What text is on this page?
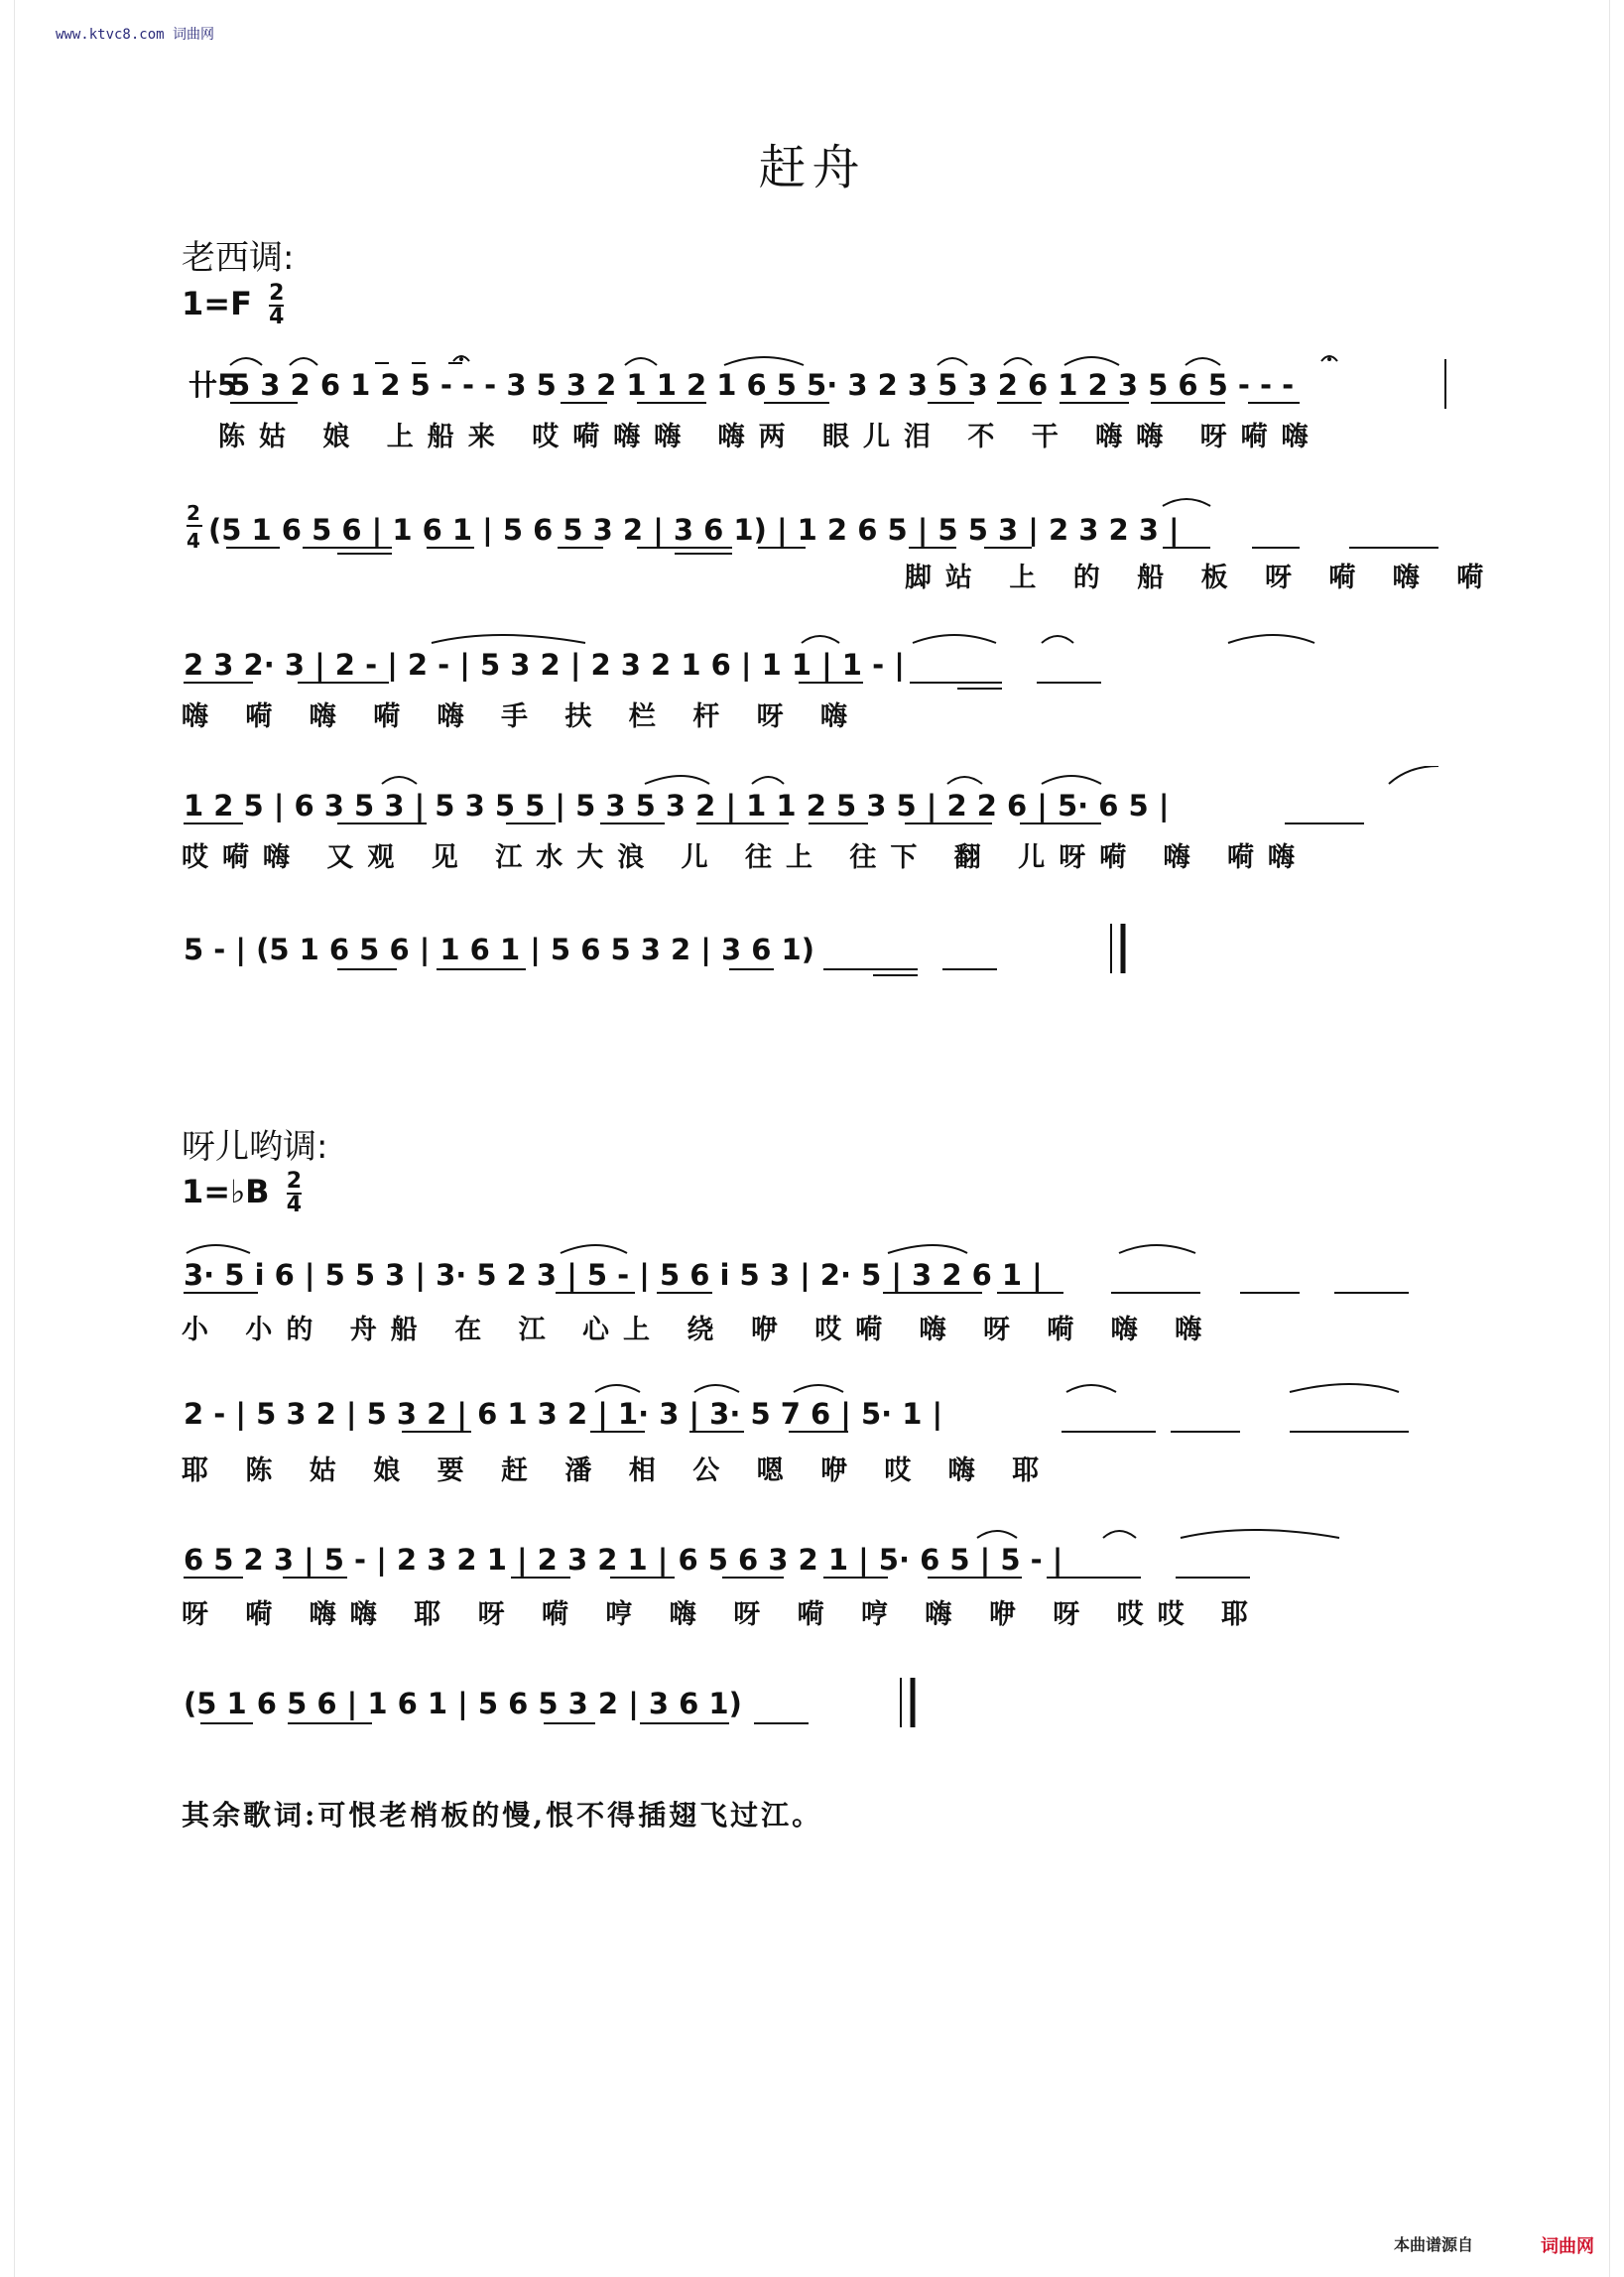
www.ktvc8.com 词曲网
赶舟
老西调:
$1=F \frac{2}{4}$
卄5
5 3 2 6 1 2 5 - - - 3 5 3 2 1 1 2 1 6 5 5· 3 2 3 5 3 2 6 1 2 3 5 6 5 - - -
陈姑 娘 上船来 哎嗬嗨嗨 嗨两 眼儿泪 不 干 嗨嗨 呀嗬嗨
2
4 (5 1 6 5 6 | 1 6 1 | 5 6 5 3 2 | 3 6 1) | 1 2 6 5 | 5 5 3 | 2 3 2 3 |
脚站 上 的 船 板 呀 嗬 嗨 嗬
2 3 2· 3 | 2 - | 2 - | 5 3 2 | 2 3 2 1 6 | 1 1 | 1 - |
嗨 嗬 嗨 嗬 嗨 手 扶 栏 杆 呀 嗨
1 2 5 | 6 3 5 3 | 5 3 5 5 | 5 3 5 3 2 | 1 1 2 5 3 5 | 2 2 6 | 5· 6 5 |
哎嗬嗨 又观 见 江水大浪 儿 往上 往下 翻 儿呀嗬 嗨 嗬嗨
5 - | (5 1 6 5 6 | 1 6 1 | 5 6 5 3 2 | 3 6 1)
呀儿哟调:
1=♭B $\frac{2}{4}$
3· 5 i 6 | 5 5 3 | 3· 5 2 3 | 5 - | 5 6 i 5 3 | 2· 5 | 3 2 6 1 |
小 小的 舟船 在 江 心上 绕 咿 哎嗬 嗨 呀 嗬 嗨 嗨
2 - | 5 3 2 | 5 3 2 | 6 1 3 2 | 1· 3 | 3· 5 7 6 | 5· 1 |
耶 陈 姑 娘 要 赶 潘 相 公 嗯 咿 哎 嗨 耶
6 5 2 3 | 5 - | 2 3 2 1 | 2 3 2 1 | 6 5 6 3 2 1 | 5· 6 5 | 5 - |
呀 嗬 嗨嗨 耶 呀 嗬 哼 嗨 呀 嗬 哼 嗨 咿 呀 哎哎 耶
(5 1 6 5 6 | 1 6 1 | 5 6 5 3 2 | 3 6 1)
其余歌词:可恨老梢板的慢,恨不得插翅飞过江。
本曲谱源自	词曲网
